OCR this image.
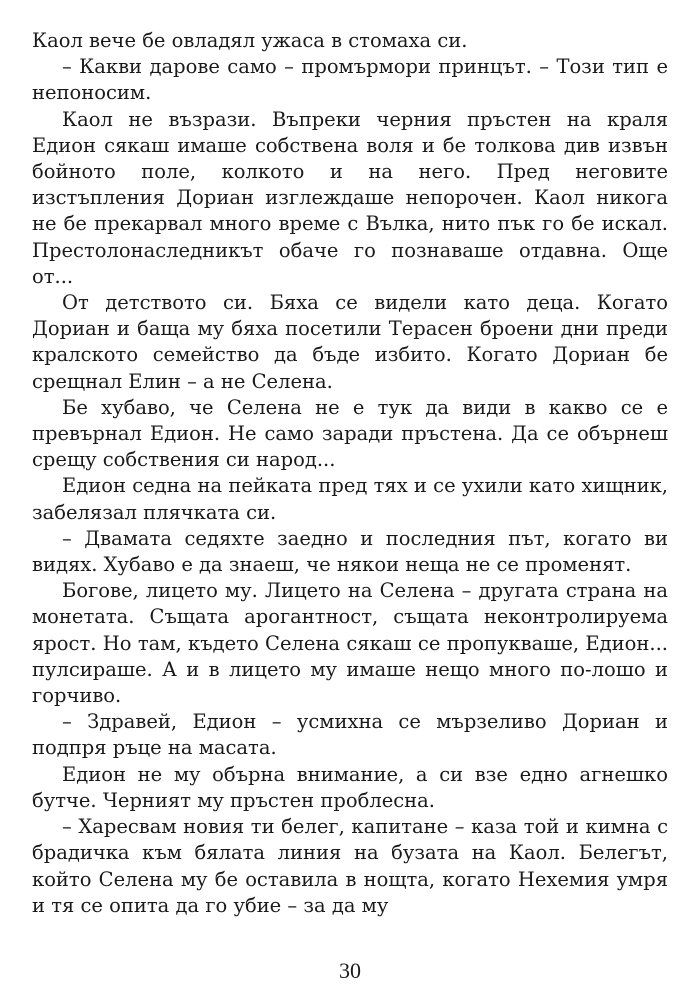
Каол вече бе овладял ужаса в стомаха си.

– Какви дарове само – промърмори принцът. – Този тип е непоносим.

Каол не възрази. Въпреки черния пръстен на краля Едион сякаш имаше собствена воля и бе толкова див извън бойното поле, колкото и на него. Пред неговите изстъпления Дориан изглеждаше непорочен. Каол никога не бе прекарвал много време с Вълка, нито пък го бе искал. Престолонаследникът обаче го познаваше отдавна. Още от...

От детството си. Бяха се видели като деца. Когато Дориан и баща му бяха посетили Терасен броени дни преди кралското семейство да бъде избито. Когато Дориан бе срещнал Елин – а не Селена.

Бе хубаво, че Селена не е тук да види в какво се е превърнал Едион. Не само заради пръстена. Да се обърнеш срещу собствения си народ...

Едион седна на пейката пред тях и се ухили като хищник, забелязал плячката си.

– Двамата седяхте заедно и последния път, когато ви видях. Хубаво е да знаеш, че някои неща не се променят.

Богове, лицето му. Лицето на Селена – другата страна на монетата. Същата арогантност, същата неконтролируема ярост. Но там, където Селена сякаш се пропукваше, Едион... пулсираше. А и в лицето му имаше нещо много по-лошо и горчиво.

– Здравей, Едион – усмихна се мързеливо Дориан и подпря ръце на масата.

Едион не му обърна внимание, а си взе едно агнешко бутче. Черният му пръстен проблесна.

– Харесвам новия ти белег, капитане – каза той и кимна с брадичка към бялата линия на бузата на Каол. Белегът, който Селена му бе оставила в нощта, когато Нехемия умря и тя се опита да го убие – за да му

30
